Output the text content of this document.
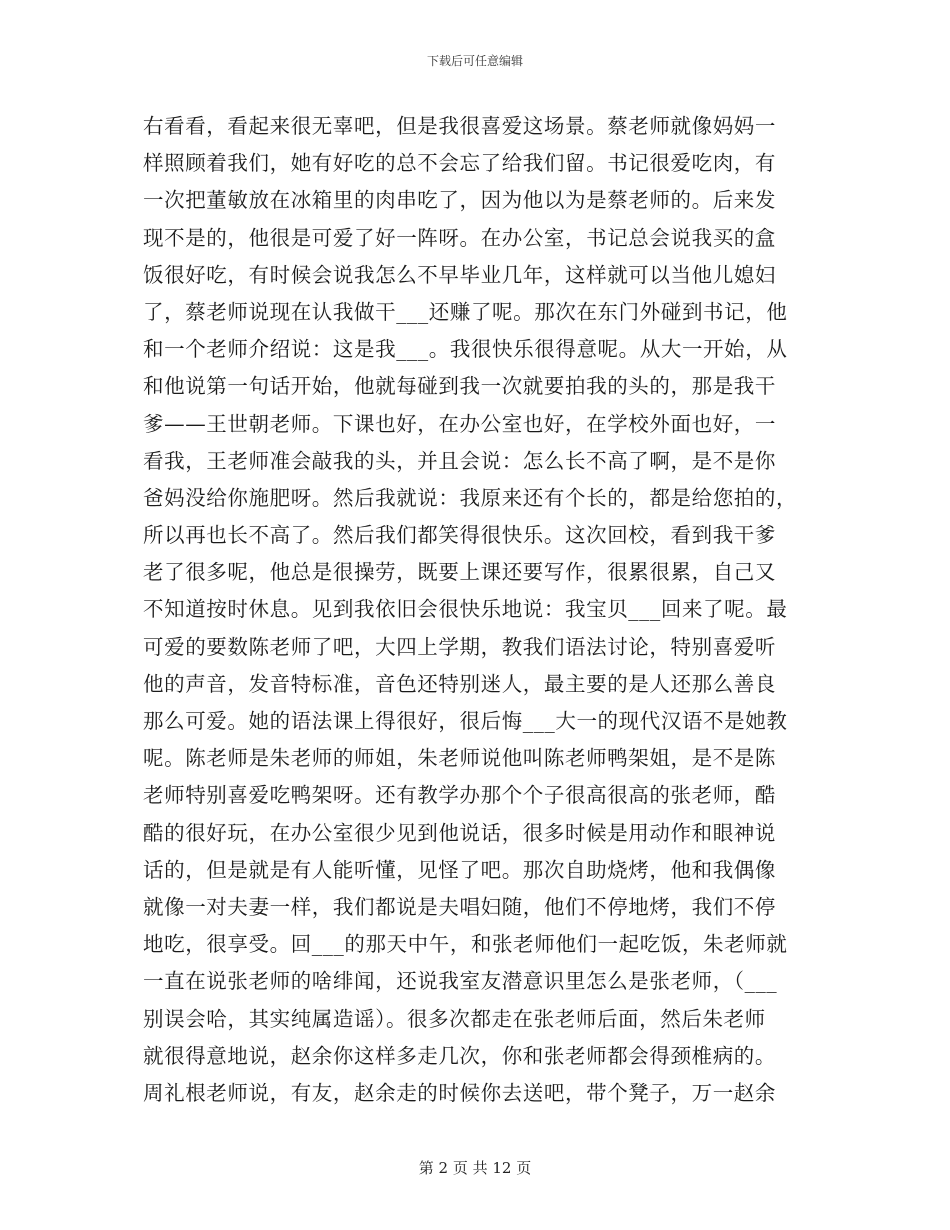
下载后可任意编辑
右看看，看起来很无辜吧，但是我很喜爱这场景。蔡老师就像妈妈一
样照顾着我们，她有好吃的总不会忘了给我们留。书记很爱吃肉，有
一次把董敏放在冰箱里的肉串吃了，因为他以为是蔡老师的。后来发
现不是的，他很是可爱了好一阵呀。在办公室，书记总会说我买的盒
饭很好吃，有时候会说我怎么不早毕业几年，这样就可以当他儿媳妇
了，蔡老师说现在认我做干___还赚了呢。那次在东门外碰到书记，他
和一个老师介绍说：这是我___。我很快乐很得意呢。从大一开始，从
和他说第一句话开始，他就每碰到我一次就要拍我的头的，那是我干
爹——王世朝老师。下课也好，在办公室也好，在学校外面也好，一
看我，王老师准会敲我的头，并且会说：怎么长不高了啊，是不是你
爸妈没给你施肥呀。然后我就说：我原来还有个长的，都是给您拍的，
所以再也长不高了。然后我们都笑得很快乐。这次回校，看到我干爹
老了很多呢，他总是很操劳，既要上课还要写作，很累很累，自己又
不知道按时休息。见到我依旧会很快乐地说：我宝贝___回来了呢。最
可爱的要数陈老师了吧，大四上学期，教我们语法讨论，特别喜爱听
他的声音，发音特标准，音色还特别迷人，最主要的是人还那么善良
那么可爱。她的语法课上得很好，很后悔___大一的现代汉语不是她教
呢。陈老师是朱老师的师姐，朱老师说他叫陈老师鸭架姐，是不是陈
老师特别喜爱吃鸭架呀。还有教学办那个个子很高很高的张老师，酷
酷的很好玩，在办公室很少见到他说话，很多时候是用动作和眼神说
话的，但是就是有人能听懂，见怪了吧。那次自助烧烤，他和我偶像
就像一对夫妻一样，我们都说是夫唱妇随，他们不停地烤，我们不停
地吃，很享受。回___的那天中午，和张老师他们一起吃饭，朱老师就
一直在说张老师的啥绯闻，还说我室友潜意识里怎么是张老师，（___
别误会哈，其实纯属造谣）。很多次都走在张老师后面，然后朱老师
就很得意地说，赵余你这样多走几次，你和张老师都会得颈椎病的。
周礼根老师说，有友，赵余走的时候你去送吧，带个凳子，万一赵余
第 2 页 共 12 页
